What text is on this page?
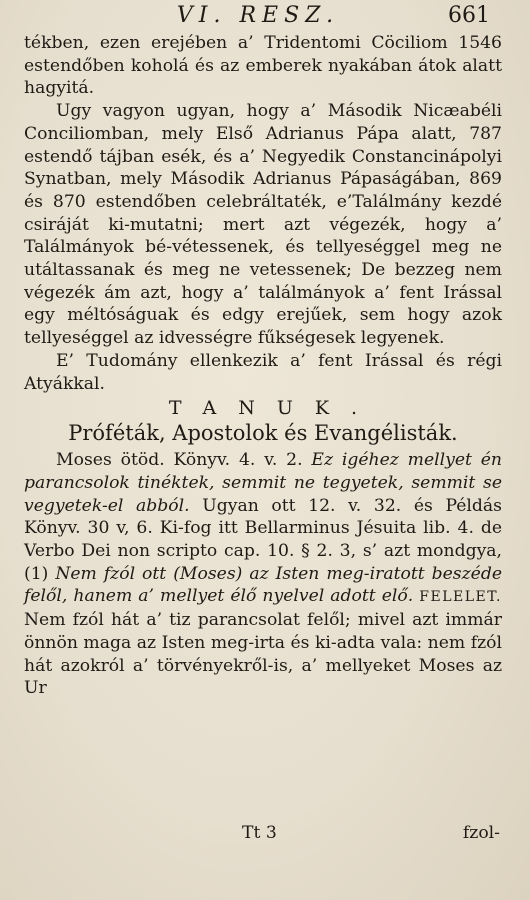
VI. RESZ.	661

tékben, ezen erejében a’ Tridentomi Cöciliom 1546 estendőben koholá és az emberek nyakában átok alatt hagyitá.

Ugy vagyon ugyan, hogy a’ Második Nicæabéli Conciliomban, mely Első Adrianus Pápa alatt, 787 estendő tájban esék, és a’ Negyedik Constancinápolyi Synatban, mely Második Adrianus Pápaságában, 869 és 870 estendőben celebráltaték, e’Találmány kezdé csiráját ki-mutatni; mert azt végezék, hogy a’ Találmányok bé-vétessenek, és tellyeséggel meg ne utáltassanak és meg ne vetessenek; De bezzeg nem végezék ám azt, hogy a’ találmányok a’ fent Irással egy méltóságuak és edgy erejűek, sem hogy azok tellyeséggel az idvességre fűkségesek legyenek.

E’ Tudomány ellenkezik a’ fent Irással és régi Atyákkal.

TANUK.
Próféták, Apostolok és Evangélisták.

Moses ötöd. Könyv. 4. v. 2. Ez igéhez mellyet én parancsolok tinéktek, semmit ne tegyetek, semmit se vegyetek-el abból. Ugyan ott 12. v. 32. és Példás Könyv. 30 v, 6. Ki-fog itt Bellarminus Jésuita lib. 4. de Verbo Dei non scripto cap. 10. § 2. 3, s’ azt mondgya, (1) Nem fzól ott (Moses) az Isten meg-iratott beszéde felől, hanem a’ mellyet élő nyelvel adott elő. FELELET. Nem fzól hát a’ tiz parancsolat felől; mivel azt immár önnön maga az Isten meg-irta és ki-adta vala: nem fzól hát azokról a’ törvényekről-is, a’ mellyeket Moses az Ur

Tt 3	fzol-
